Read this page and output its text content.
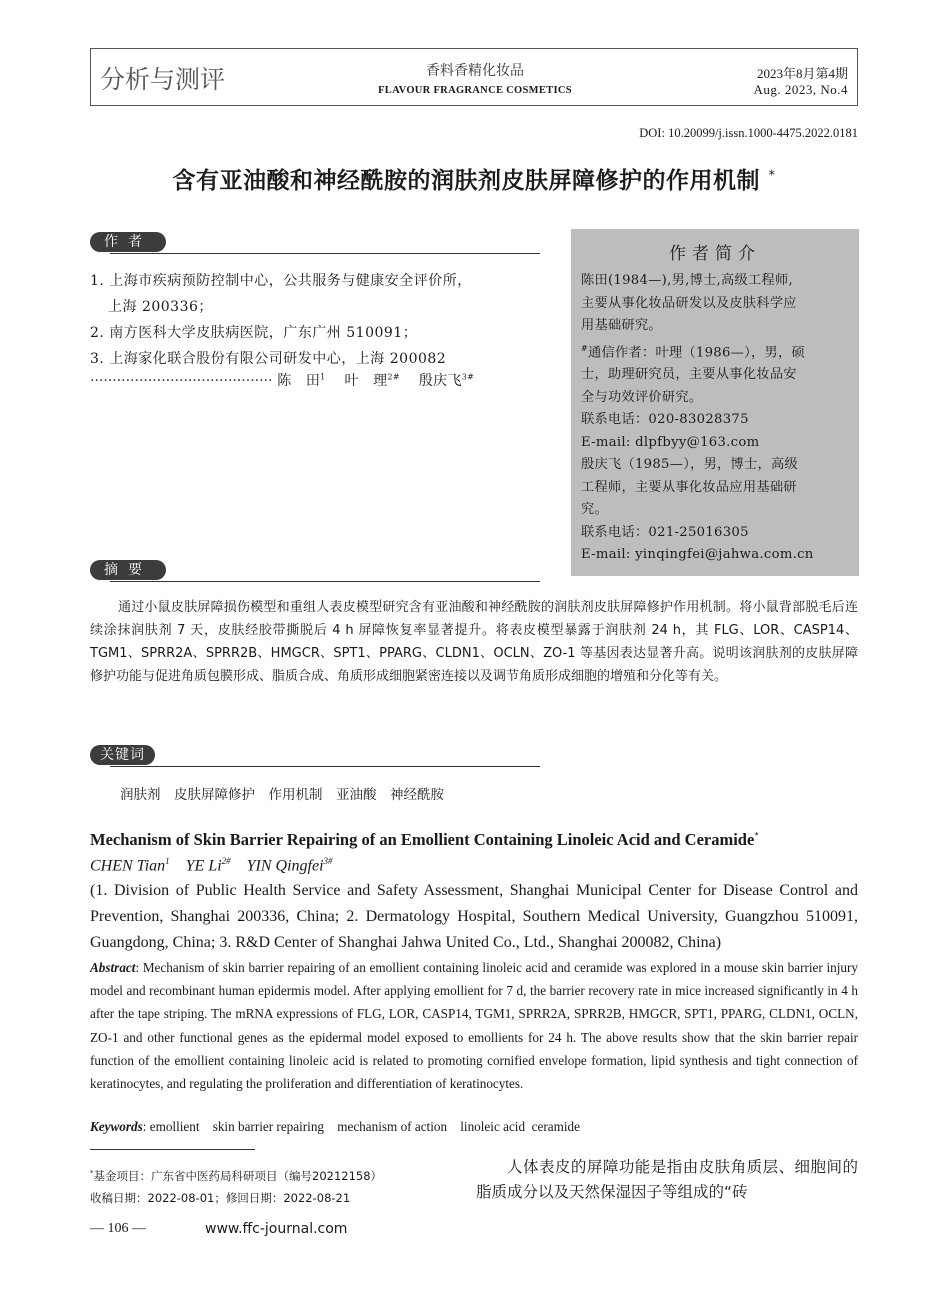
分析与测评	香料香精化妆品
FLAVOUR FRAGRANCE COSMETICS
2023年8月第4期
Aug. 2023, No.4
DOI: 10.20099/j.issn.1000-4475.2022.0181
含有亚油酸和神经酰胺的润肤剂皮肤屏障修护的作用机制 *
作者
1. 上海市疾病预防控制中心，公共服务与健康安全评价所，
上海 200336；
2. 南方医科大学皮肤病医院，广东广州 510091；
3. 上海家化联合股份有限公司研发中心，上海 200082
········································· 陈　田$^1$ 叶　理$^{2\#}$ 殷庆飞$^{3\#}$
作者简介
陈田(1984—),男,博士,高级工程师,
主要从事化妆品研发以及皮肤科学应
用基础研究。
#通信作者：叶理（1986—），男，硕
士，助理研究员，主要从事化妆品安
全与功效评价研究。
联系电话：020-83028375
E-mail: dlpfbyy@163.com
殷庆飞（1985—），男，博士，高级
工程师，主要从事化妆品应用基础研
究。
联系电话：021-25016305
E-mail: yinqingfei@jahwa.com.cn
摘要

通过小鼠皮肤屏障损伤模型和重组人表皮模型研究含有亚油酸和神经酰胺的润肤剂皮肤屏障修护作用机制。将小鼠背部脱毛后连续涂抹润肤剂 7 天，皮肤经胶带撕脱后 4 h 屏障恢复率显著提升。将表皮模型暴露于润肤剂 24 h，其 FLG、LOR、CASP14、TGM1、SPRR2A、SPRR2B、HMGCR、SPT1、PPARG、CLDN1、OCLN、ZO-1 等基因表达显著升高。说明该润肤剂的皮肤屏障修护功能与促进角质包膜形成、脂质合成、角质形成细胞紧密连接以及调节角质形成细胞的增殖和分化等有关。

关键词
润肤剂　皮肤屏障修护　作用机制　亚油酸　神经酰胺
Mechanism of Skin Barrier Repairing of an Emollient Containing Linoleic Acid and Ceramide*
CHEN Tian$^1$ YE $Li^{2\#}$ YIN Qingfei$^{3\#}$
(1. Division of Public Health Service and Safety Assessment, Shanghai Municipal Center for Disease Control and Prevention, Shanghai 200336, China; 2. Dermatology Hospital, Southern Medical University, Guangzhou 510091, Guangdong, China; 3. R&D Center of Shanghai Jahwa United Co., Ltd., Shanghai 200082, China)
Abstract: Mechanism of skin barrier repairing of an emollient containing linoleic acid and ceramide was explored in a mouse skin barrier injury model and recombinant human epidermis model. After applying emollient for 7 d, the barrier recovery rate in mice increased significantly in 4 h after the tape striping. The mRNA expressions of FLG, LOR, CASP14, TGM1, SPRR2A, SPRR2B, HMGCR, SPT1, PPARG, CLDN1, OCLN, ZO-1 and other functional genes as the epidermal model exposed to emollients for 24 h. The above results show that the skin barrier repair function of the emollient containing linoleic acid is related to promoting cornified envelope formation, lipid synthesis and tight connection of keratinocytes, and regulating the proliferation and differentiation of keratinocytes.
Keywords: emollient    skin barrier repairing    mechanism of action    linoleic acid  ceramide
*基金项目：广东省中医药局科研项目（编号20212158）
收稿日期：2022-08-01；修回日期：2022-08-21

人体表皮的屏障功能是指由皮肤角质层、细胞间的脂质成分以及天然保湿因子等组成的“砖

— 106 —	www.ffc-journal.com
